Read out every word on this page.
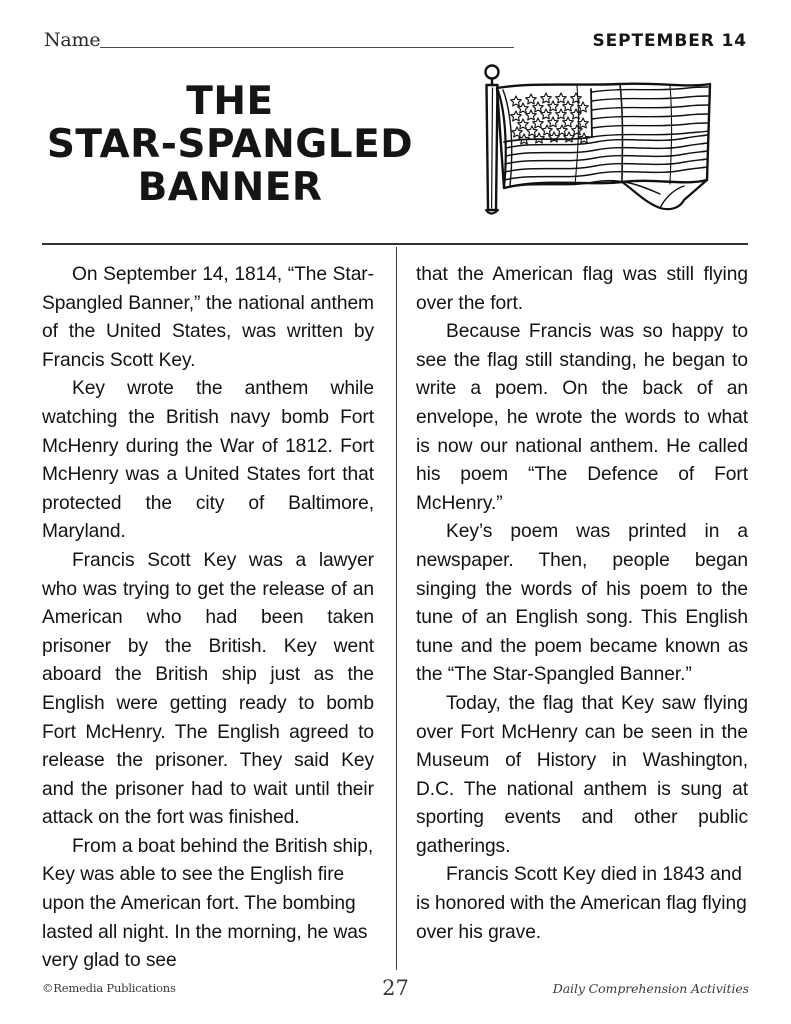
Name	SEPTEMBER 14
THE
STAR-SPANGLED
BANNER

On September 14, 1814, “The Star-Spangled Banner,” the national anthem of the United States, was written by Francis Scott Key.

Key wrote the anthem while watching the British navy bomb Fort McHenry during the War of 1812. Fort McHenry was a United States fort that protected the city of Baltimore, Maryland.

Francis Scott Key was a lawyer who was trying to get the release of an American who had been taken prisoner by the British. Key went aboard the British ship just as the English were getting ready to bomb Fort McHenry. The English agreed to release the prisoner. They said Key and the prisoner had to wait until their attack on the fort was finished.

From a boat behind the British ship, Key was able to see the English fire upon the American fort. The bombing lasted all night. In the morning, he was very glad to see

that the American flag was still flying over the fort.

Because Francis was so happy to see the flag still standing, he began to write a poem. On the back of an envelope, he wrote the words to what is now our national anthem. He called his poem “The Defence of Fort McHenry.”

Key’s poem was printed in a newspaper. Then, people began singing the words of his poem to the tune of an English song. This English tune and the poem became known as the “The Star-Spangled Banner.”

Today, the flag that Key saw flying over Fort McHenry can be seen in the Museum of History in Washington, D.C. The national anthem is sung at sporting events and other public gatherings.

Francis Scott Key died in 1843 and is honored with the American flag flying over his grave.

©Remedia Publications	27	Daily Comprehension Activities
